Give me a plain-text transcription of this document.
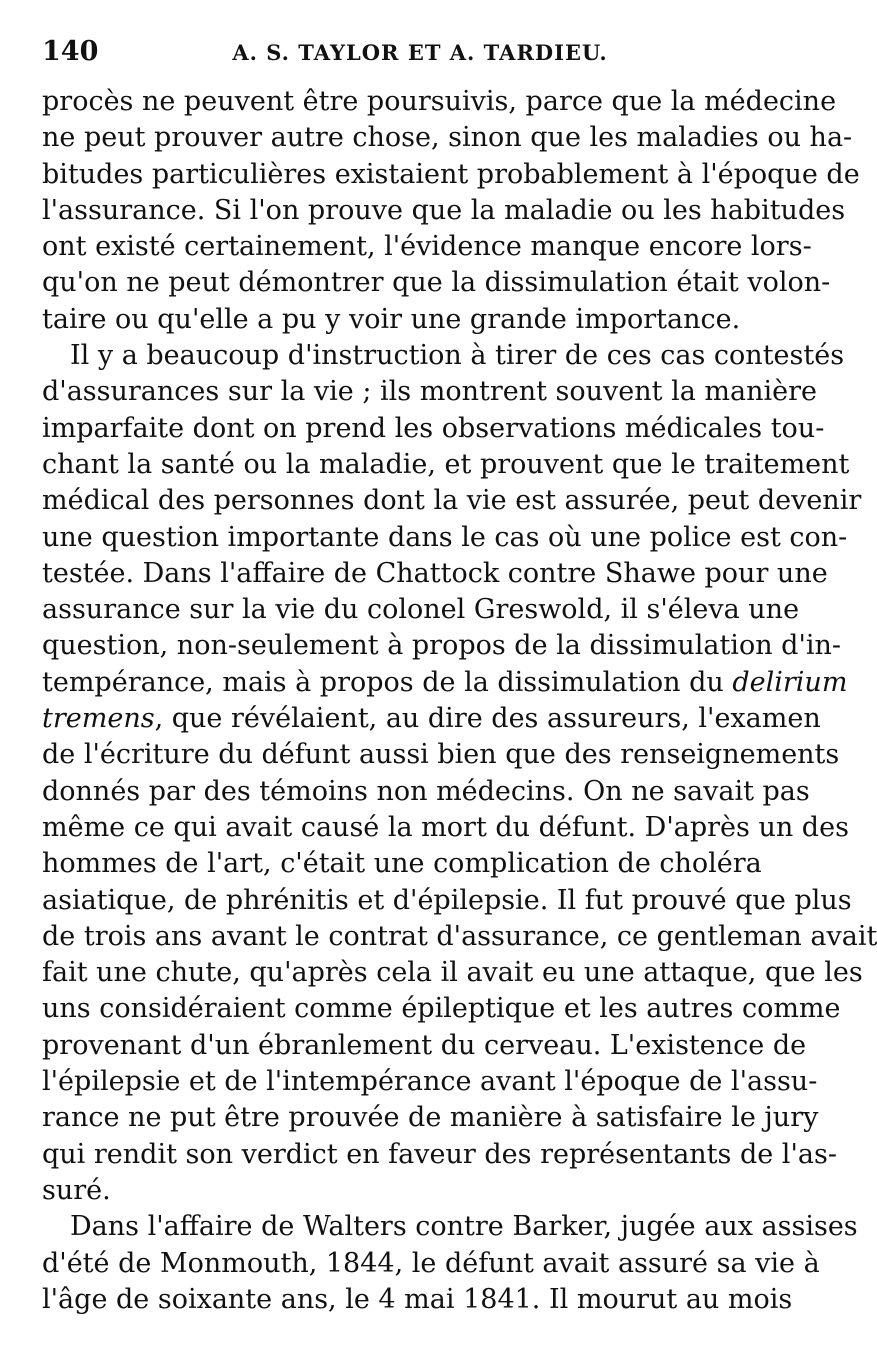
140	A. S. TAYLOR ET A. TARDIEU.

procès ne peuvent être poursuivis, parce que la médecine
ne peut prouver autre chose, sinon que les maladies ou ha-
bitudes particulières existaient probablement à l'époque de
l'assurance. Si l'on prouve que la maladie ou les habitudes
ont existé certainement, l'évidence manque encore lors-
qu'on ne peut démontrer que la dissimulation était volon-
taire ou qu'elle a pu y voir une grande importance.

Il y a beaucoup d'instruction à tirer de ces cas contestés
d'assurances sur la vie ; ils montrent souvent la manière
imparfaite dont on prend les observations médicales tou-
chant la santé ou la maladie, et prouvent que le traitement
médical des personnes dont la vie est assurée, peut devenir
une question importante dans le cas où une police est con-
testée. Dans l'affaire de Chattock contre Shawe pour une
assurance sur la vie du colonel Greswold, il s'éleva une
question, non-seulement à propos de la dissimulation d'in-
tempérance, mais à propos de la dissimulation du delirium
tremens, que révélaient, au dire des assureurs, l'examen
de l'écriture du défunt aussi bien que des renseignements
donnés par des témoins non médecins. On ne savait pas
même ce qui avait causé la mort du défunt. D'après un des
hommes de l'art, c'était une complication de choléra
asiatique, de phrénitis et d'épilepsie. Il fut prouvé que plus
de trois ans avant le contrat d'assurance, ce gentleman avait
fait une chute, qu'après cela il avait eu une attaque, que les
uns considéraient comme épileptique et les autres comme
provenant d'un ébranlement du cerveau. L'existence de
l'épilepsie et de l'intempérance avant l'époque de l'assu-
rance ne put être prouvée de manière à satisfaire le jury
qui rendit son verdict en faveur des représentants de l'as-
suré.

Dans l'affaire de Walters contre Barker, jugée aux assises
d'été de Monmouth, 1844, le défunt avait assuré sa vie à
l'âge de soixante ans, le 4 mai 1841. Il mourut au mois
